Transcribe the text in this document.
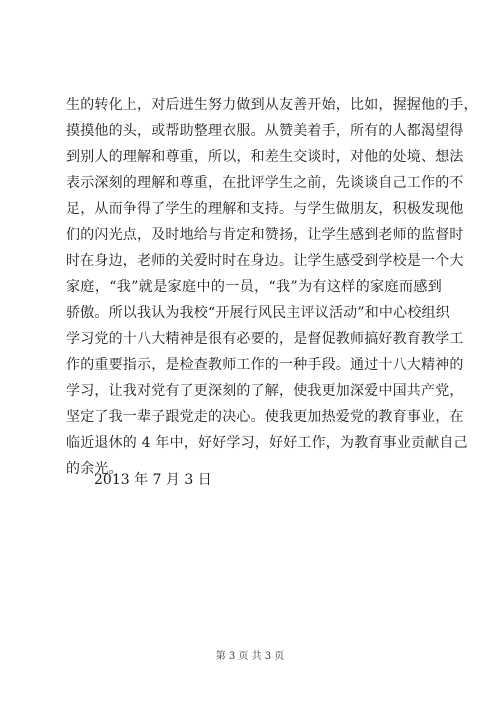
生的转化上，对后进生努力做到从友善开始，比如，握握他的手，
摸摸他的头，或帮助整理衣服。从赞美着手，所有的人都渴望得
到别人的理解和尊重，所以，和差生交谈时，对他的处境、想法
表示深刻的理解和尊重，在批评学生之前，先谈谈自己工作的不
足，从而争得了学生的理解和支持。与学生做朋友，积极发现他
们的闪光点，及时地给与肯定和赞扬，让学生感到老师的监督时
时在身边，老师的关爱时时在身边。让学生感受到学校是一个大
家庭，“我”就是家庭中的一员，“我”为有这样的家庭而感到
骄傲。所以我认为我校“开展行风民主评议活动”和中心校组织
学习党的十八大精神是很有必要的，是督促教师搞好教育教学工
作的重要指示，是检查教师工作的一种手段。通过十八大精神的
学习，让我对党有了更深刻的了解，使我更加深爱中国共产党，
坚定了我一辈子跟党走的决心。使我更加热爱党的教育事业，在
临近退休的 4 年中，好好学习，好好工作，为教育事业贡献自己
的余光。
2013 年 7 月 3 日
第 3 页 共 3 页
